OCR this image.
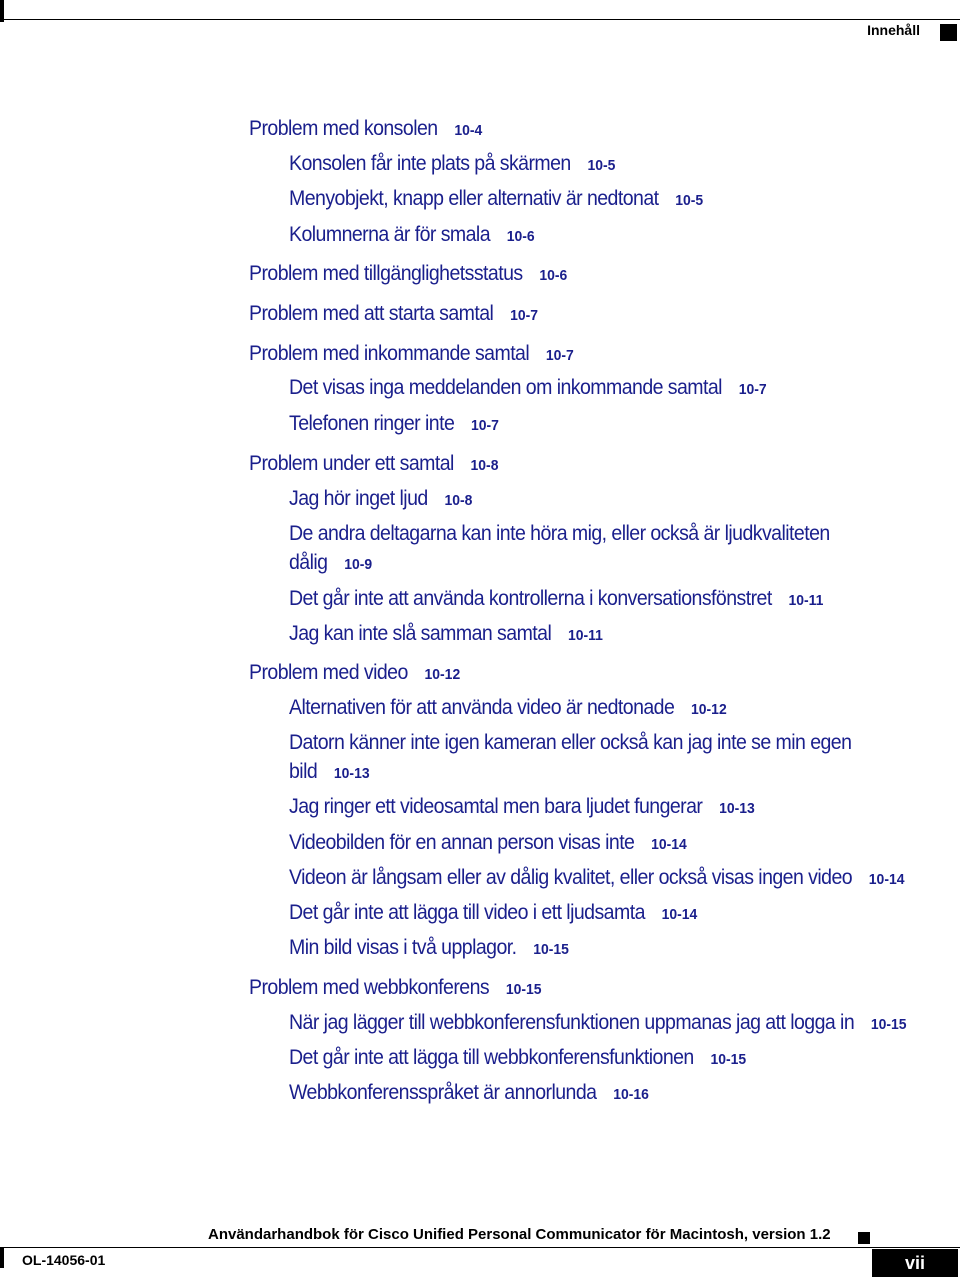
Innehåll
Problem med konsolen 10-4
Konsolen får inte plats på skärmen 10-5
Menyobjekt, knapp eller alternativ är nedtonat 10-5
Kolumnerna är för smala 10-6
Problem med tillgänglighetsstatus 10-6
Problem med att starta samtal 10-7
Problem med inkommande samtal 10-7
Det visas inga meddelanden om inkommande samtal 10-7
Telefonen ringer inte 10-7
Problem under ett samtal 10-8
Jag hör inget ljud 10-8
De andra deltagarna kan inte höra mig, eller också är ljudkvaliteten dålig 10-9
Det går inte att använda kontrollerna i konversationsfönstret 10-11
Jag kan inte slå samman samtal 10-11
Problem med video 10-12
Alternativen för att använda video är nedtonade 10-12
Datorn känner inte igen kameran eller också kan jag inte se min egen bild 10-13
Jag ringer ett videosamtal men bara ljudet fungerar 10-13
Videobilden för en annan person visas inte 10-14
Videon är långsam eller av dålig kvalitet, eller också visas ingen video 10-14
Det går inte att lägga till video i ett ljudsamta 10-14
Min bild visas i två upplagor. 10-15
Problem med webbkonferens 10-15
När jag lägger till webbkonferensfunktionen uppmanas jag att logga in 10-15
Det går inte att lägga till webbkonferensfunktionen 10-15
Webbkonferensspråket är annorlunda 10-16
Användarhandbok för Cisco Unified Personal Communicator för Macintosh, version 1.2
OL-14056-01	vii
